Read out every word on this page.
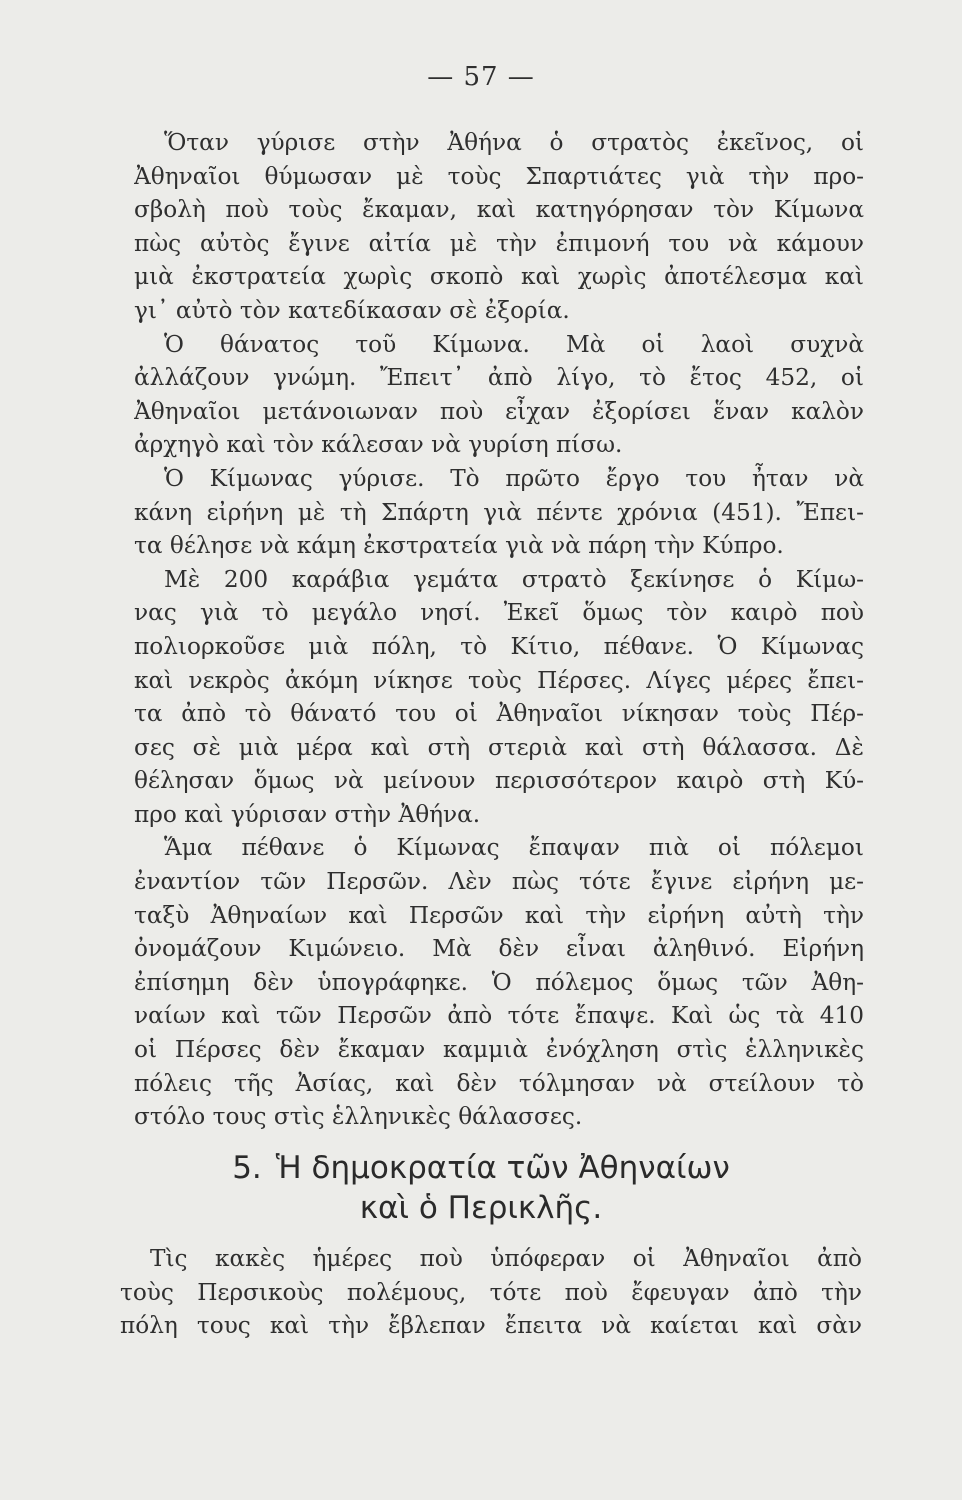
— 57 —
Ὅταν γύρισε στὴν Ἀθήνα ὁ στρατὸς ἐκεῖνος, οἱ
Ἀθηναῖοι θύμωσαν μὲ τοὺς Σπαρτιάτες γιὰ τὴν προ-
σβολὴ ποὺ τοὺς ἔκαμαν, καὶ κατηγόρησαν τὸν Κίμωνα
πὼς αὐτὸς ἔγινε αἰτία μὲ τὴν ἐπιμονή του νὰ κάμουν
μιὰ ἐκστρατεία χωρὶς σκοπὸ καὶ χωρὶς ἀποτέλεσμα καὶ
γι᾿ αὐτὸ τὸν κατεδίκασαν σὲ ἐξορία.
Ὁ θάνατος τοῦ Κίμωνα. Μὰ οἱ λαοὶ συχνὰ
ἀλλάζουν γνώμη. Ἔπειτ᾿ ἀπὸ λίγο, τὸ ἔτος 452, οἱ
Ἀθηναῖοι μετάνοιωναν ποὺ εἶχαν ἐξορίσει ἕναν καλὸν
ἀρχηγὸ καὶ τὸν κάλεσαν νὰ γυρίση πίσω.
Ὁ Κίμωνας γύρισε. Τὸ πρῶτο ἔργο του ἦταν νὰ
κάνη εἰρήνη μὲ τὴ Σπάρτη γιὰ πέντε χρόνια (451). Ἔπει-
τα θέλησε νὰ κάμη ἐκστρατεία γιὰ νὰ πάρη τὴν Κύπρο.
Μὲ 200 καράβια γεμάτα στρατὸ ξεκίνησε ὁ Κίμω-
νας γιὰ τὸ μεγάλο νησί. Ἐκεῖ ὅμως τὸν καιρὸ ποὺ
πολιορκοῦσε μιὰ πόλη, τὸ Κίτιο, πέθανε. Ὁ Κίμωνας
καὶ νεκρὸς ἀκόμη νίκησε τοὺς Πέρσες. Λίγες μέρες ἔπει-
τα ἀπὸ τὸ θάνατό του οἱ Ἀθηναῖοι νίκησαν τοὺς Πέρ-
σες σὲ μιὰ μέρα καὶ στὴ στεριὰ καὶ στὴ θάλασσα. Δὲ
θέλησαν ὅμως νὰ μείνουν περισσότερον καιρὸ στὴ Κύ-
προ καὶ γύρισαν στὴν Ἀθήνα.
Ἅμα πέθανε ὁ Κίμωνας ἔπαψαν πιὰ οἱ πόλεμοι
ἐναντίον τῶν Περσῶν. Λὲν πὼς τότε ἔγινε εἰρήνη με-
ταξὺ Ἀθηναίων καὶ Περσῶν καὶ τὴν εἰρήνη αὐτὴ τὴν
ὀνομάζουν Κιμώνειο. Μὰ δὲν εἶναι ἀληθινό. Εἰρήνη
ἐπίσημη δὲν ὑπογράφηκε. Ὁ πόλεμος ὅμως τῶν Ἀθη-
ναίων καὶ τῶν Περσῶν ἀπὸ τότε ἔπαψε. Καὶ ὡς τὰ 410
οἱ Πέρσες δὲν ἔκαμαν καμμιὰ ἐνόχληση στὶς ἑλληνικὲς
πόλεις τῆς Ἀσίας, καὶ δὲν τόλμησαν νὰ στείλουν τὸ
στόλο τους στὶς ἑλληνικὲς θάλασσες.
5. Ἡ δημοκρατία τῶν Ἀθηναίων
καὶ ὁ Περικλῆς.
Τὶς κακὲς ἡμέρες ποὺ ὑπόφεραν οἱ Ἀθηναῖοι ἀπὸ
τοὺς Περσικοὺς πολέμους, τότε ποὺ ἔφευγαν ἀπὸ τὴν
πόλη τους καὶ τὴν ἔβλεπαν ἔπειτα νὰ καίεται καὶ σὰν
